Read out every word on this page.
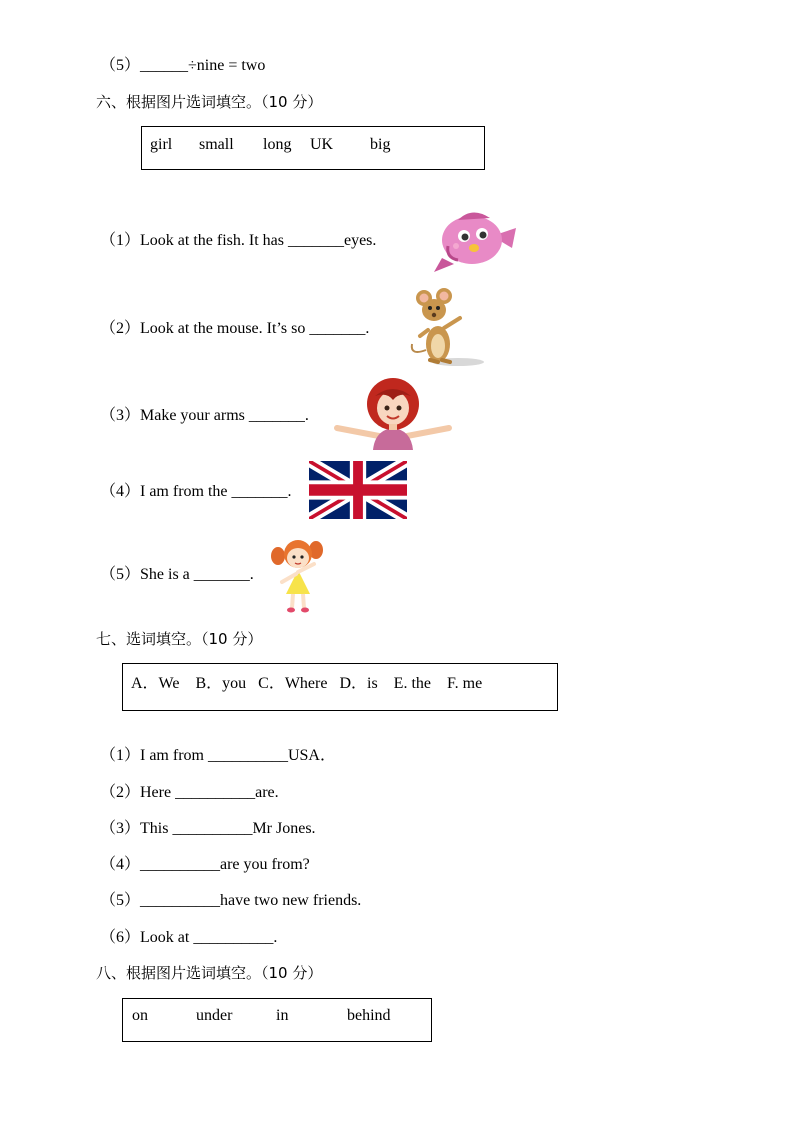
（5）______÷nine = two
六、根据图片选词填空。（10 分）
girl small long UK big
（1）Look at the fish. It has _______eyes.
（2）Look at the mouse. It’s so _______.
（3）Make your arms _______.
（4）I am from the _______.
（5）She is a _______.
七、选词填空。（10 分）
A．We    B．you   C．Where   D．is    E. the    F. me
（1）I am from __________USA．
（2）Here __________are.
（3）This __________Mr Jones.
（4）__________are you from?
（5）__________have two new friends.
（6）Look at __________.
八、根据图片选词填空。（10 分）
on	under	in	behind
